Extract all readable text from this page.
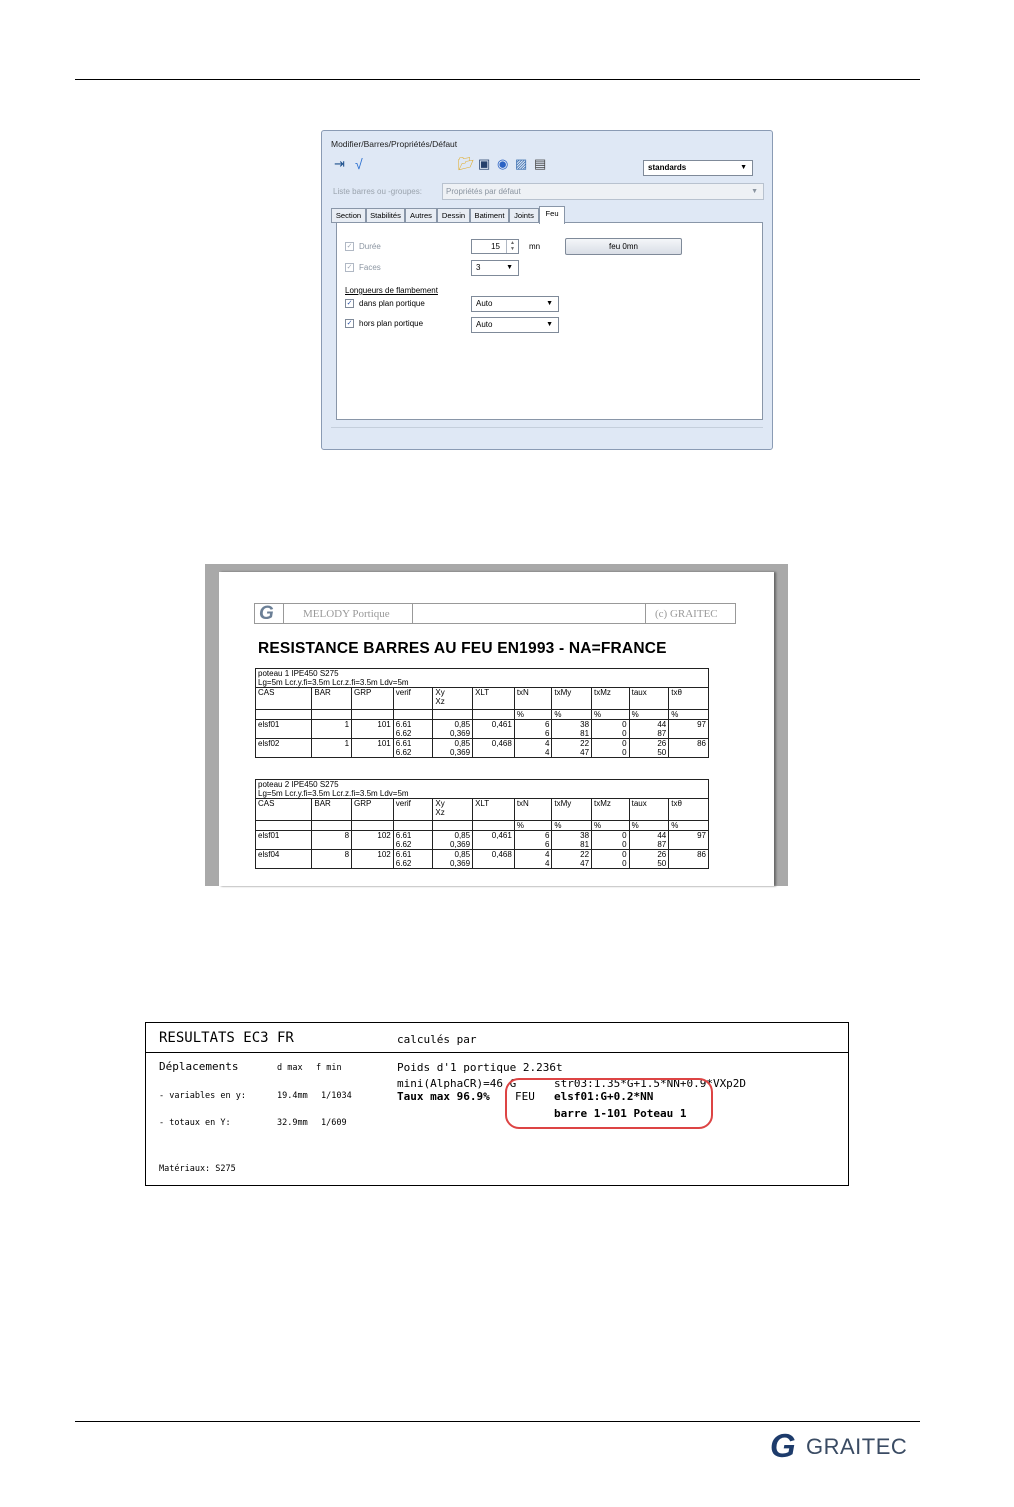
Modifier/Barres/Propriétés/Défaut
⇥ √	📂︎ ▣ ◉ ▨ ▤	standards	▼
Liste barres ou -groupes:	Propriétés par défaut	▼
Section	Stabilités	Autres	Dessin	Batiment	Joints	Feu
✓ Durée	15	▲
▼	mn	feu 0mn
✓ Faces	3	▼
Longueurs de flambement
✓ dans plan portique	Auto	▼
✓ hors plan portique	Auto	▼
G	MELODY Portique	(c) GRAITEC
RESISTANCE BARRES AU FEU EN1993 - NA=FRANCE
poteau 1 IPE450 S275										
Lg=5m Lcr.y.fi=3.5m Lcr.z.fi=3.5m Ldv=5m										
CAS	BAR	GRP	verif	Xy
Xz	XLT	txN	txMy	txMz	taux	txθ
						%	%	%	%	%
elsf01	1	101	6.61
6.62	0,85
0,369	0,461	6
6	38
81	0
0	44
87	97
elsf02	1	101	6.61
6.62	0,85
0,369	0,468	4
4	22
47	0
0	26
50	86
poteau 2 IPE450 S275										
Lg=5m Lcr.y.fi=3.5m Lcr.z.fi=3.5m Ldv=5m										
CAS	BAR	GRP	verif	Xy
Xz	XLT	txN	txMy	txMz	taux	txθ
						%	%	%	%	%
elsf01	8	102	6.61
6.62	0,85
0,369	0,461	6
6	38
81	0
0	44
87	97
elsf04	8	102	6.61
6.62	0,85
0,369	0,468	4
4	22
47	0
0	26
50	86
RESULTATS EC3 FR	calculés par
Déplacements	d max f min
- variables en y:	19.4mm 1/1034
- totaux en Y:	32.9mm 1/609
Matériaux: S275
Poids d'1 portique 2.236t
mini(AlphaCR)=46 G	str03:1.35*G+1.5*NN+0.9*VXp2D
Taux max 96.9% FEU elsf01:G+0.2*NN
barre 1-101 Poteau 1
G GRAITEC
